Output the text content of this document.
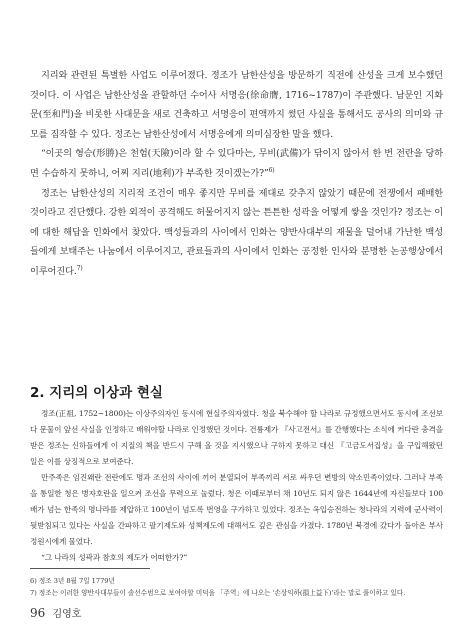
지리와 관련된 특별한 사업도 이루어졌다. 정조가 남한산성을 방문하기 직전에 산성을 크게 보수했던 것이다. 이 사업은 남한산성을 관할하던 수어사 서명응(徐命膺, 1716~1787)이 주관했다. 남문인 지화문(至和門)을 비롯한 사대문을 새로 건축하고 서명응이 편액까지 썼던 사실을 통해서도 공사의 의미와 규모를 짐작할 수 있다. 정조는 남한산성에서 서명응에게 의미심장한 말을 했다.

“이곳의 형승(形勝)은 천험(天險)이라 할 수 있다마는, 무비(武備)가 닦이지 않아서 한 번 전란을 당하면 수습하지 못하니, 어찌 지리(地利)가 부족한 것이겠는가?”$^{6)}$

정조는 남한산성의 지리적 조건이 매우 좋지만 무비를 제대로 갖추지 않았기 때문에 전쟁에서 패배한 것이라고 진단했다. 강한 외적이 공격해도 허물어지지 않는 튼튼한 성곽을 어떻게 쌓을 것인가? 정조는 이에 대한 해답을 인화에서 찾았다. 백성들과의 사이에서 인화는 양반사대부의 재물을 덜어내 가난한 백성들에게 보태주는 나눔에서 이루어지고, 관료들과의 사이에서 인화는 공정한 인사와 분명한 논공행상에서 이루어진다.$^{7)}$

2. 지리의 이상과 현실

정조(正祖, 1752~1800)는 이상주의자인 동시에 현실주의자였다. 청을 북수해야 할 나라로 규정했으면서도 동시에 조선보다 문물이 앞선 사실을 인정하고 배워야할 나라로 인정했던 것이다. 건륭제가 『사고전서』를 간행했다는 소식에 커다란 충격을 받은 정조는 신하들에게 이 지질의 책을 반드시 구해 올 것을 지시했으나 구하지 못하고 대신 『고금도서집성』을 구입해왔던 일은 이를 상징적으로 보여준다.

만주족은 임진왜란 전란에도 명과 조선의 사이에 끼어 분열되어 부족끼리 서로 싸우던 변방의 약소민족이었다. 그러나 부족을 통일한 청은 병자호란을 일으켜 조선을 무력으로 눌렀다. 청은 이때로부터 채 10년도 되지 않은 1644년에 자신들보다 100배가 넘는 한족의 명나라를 제압하고 100년이 넘도록 번영을 구가하고 있었다. 정조는 옥입승전하는 청나라의 지력에 군사력이 뒷받침되고 있다는 사실을 간파하고 팔기제도와 성책제도에 대해서도 깊은 관심을 가졌다. 1780년 북경에 갔다가 돌아온 부사 정원시에게 물었다.

“그 나라의 성곽과 참호의 제도가 어떠한가?”

6) 정조 3년 8월 7일 1779년

7) 정조는 이러한 양반사대부들이 솔선수범으로 보여야할 미덕을 「주역」에 나오는 '손상익하(損上益下)'라는 말로 풀이하고 있다.

96 김영호
